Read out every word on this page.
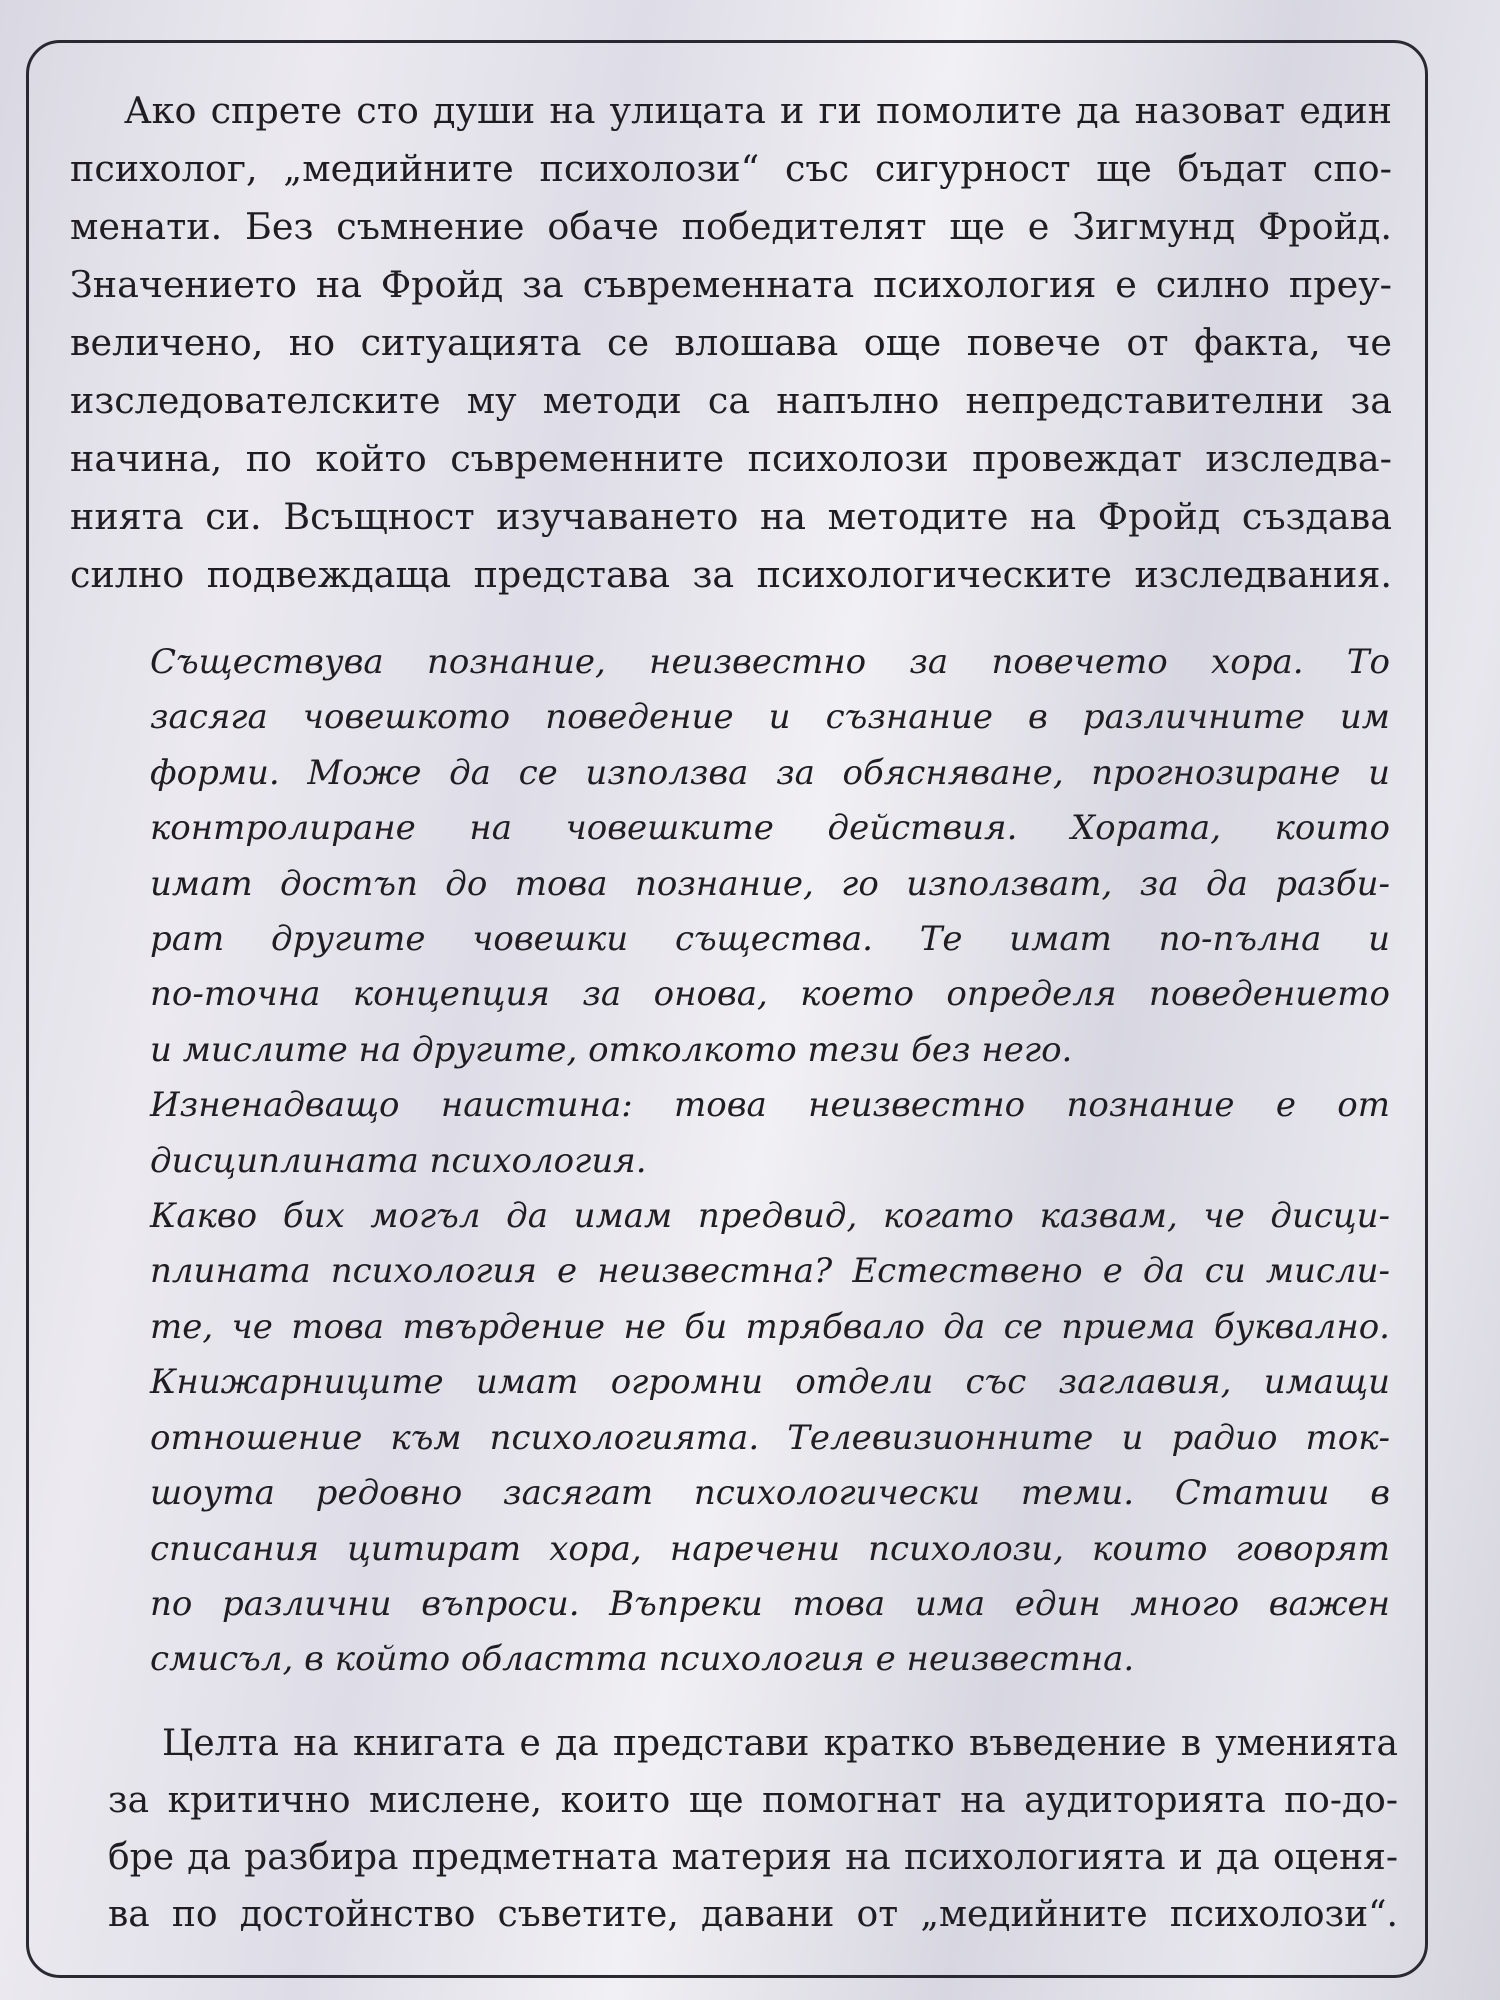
Ако спрете сто души на улицата и ги помолите да назоват един
психолог, „медийните психолози“ със сигурност ще бъдат спо-
менати. Без съмнение обаче победителят ще е Зигмунд Фройд.
Значението на Фройд за съвременната психология е силно преу-
величено, но ситуацията се влошава още повече от факта, че
изследователските му методи са напълно непредставителни за
начина, по който съвременните психолози провеждат изследва-
нията си. Всъщност изучаването на методите на Фройд създава
силно подвеждаща представа за психологическите изследвания.
Съществува познание, неизвестно за повечето хора. То
засяга човешкото поведение и съзнание в различните им
форми. Може да се използва за обясняване, прогнозиране и
контролиране на човешките действия. Хората, които
имат достъп до това познание, го използват, за да разби-
рат другите човешки същества. Те имат по-пълна и
по-точна концепция за онова, което определя поведението
и мислите на другите, отколкото тези без него.
Изненадващо наистина: това неизвестно познание е от
дисциплината психология.
Какво бих могъл да имам предвид, когато казвам, че дисци-
плината психология е неизвестна? Естествено е да си мисли-
те, че това твърдение не би трябвало да се приема буквално.
Книжарниците имат огромни отдели със заглавия, имащи
отношение към психологията. Телевизионните и радио ток-
шоута редовно засягат психологически теми. Статии в
списания цитират хора, наречени психолози, които говорят
по различни въпроси. Въпреки това има един много важен
смисъл, в който областта психология е неизвестна.
Целта на книгата е да представи кратко въведение в уменията
за критично мислене, които ще помогнат на аудиторията по-до-
бре да разбира предметната материя на психологията и да оценя-
ва по достойнство съветите, давани от „медийните психолози“.
